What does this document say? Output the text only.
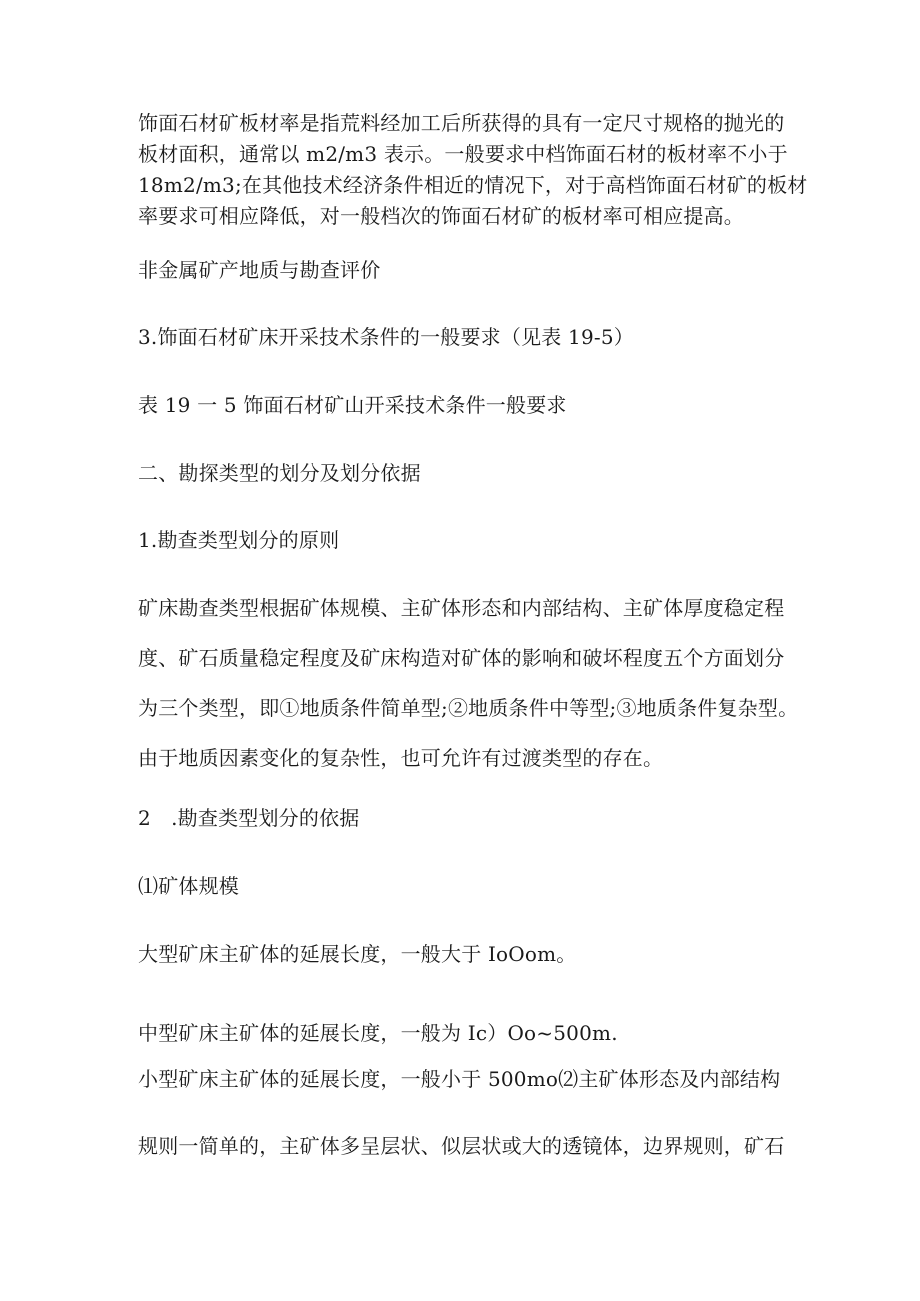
饰面石材矿板材率是指荒料经加工后所获得的具有一定尺寸规格的抛光的
板材面积，通常以 m2∕m3 表示。一般要求中档饰面石材的板材率不小于
18m2∕m3;在其他技术经济条件相近的情况下，对于高档饰面石材矿的板材
率要求可相应降低，对一般档次的饰面石材矿的板材率可相应提高。
非金属矿产地质与勘查评价
3.饰面石材矿床开采技术条件的一般要求（见表 19-5）
表 19 一 5 饰面石材矿山开采技术条件一般要求
二、勘探类型的划分及划分依据
1.勘查类型划分的原则
矿床勘查类型根据矿体规模、主矿体形态和内部结构、主矿体厚度稳定程
度、矿石质量稳定程度及矿床构造对矿体的影响和破坏程度五个方面划分
为三个类型，即①地质条件简单型;②地质条件中等型;③地质条件复杂型。
由于地质因素变化的复杂性，也可允许有过渡类型的存在。
2　.勘查类型划分的依据
⑴矿体规模
大型矿床主矿体的延展长度，一般大于 IoOom。
中型矿床主矿体的延展长度，一般为 Ic）Oo~500m.
小型矿床主矿体的延展长度，一般小于 500mo⑵主矿体形态及内部结构
规则一简单的，主矿体多呈层状、似层状或大的透镜体，边界规则，矿石
